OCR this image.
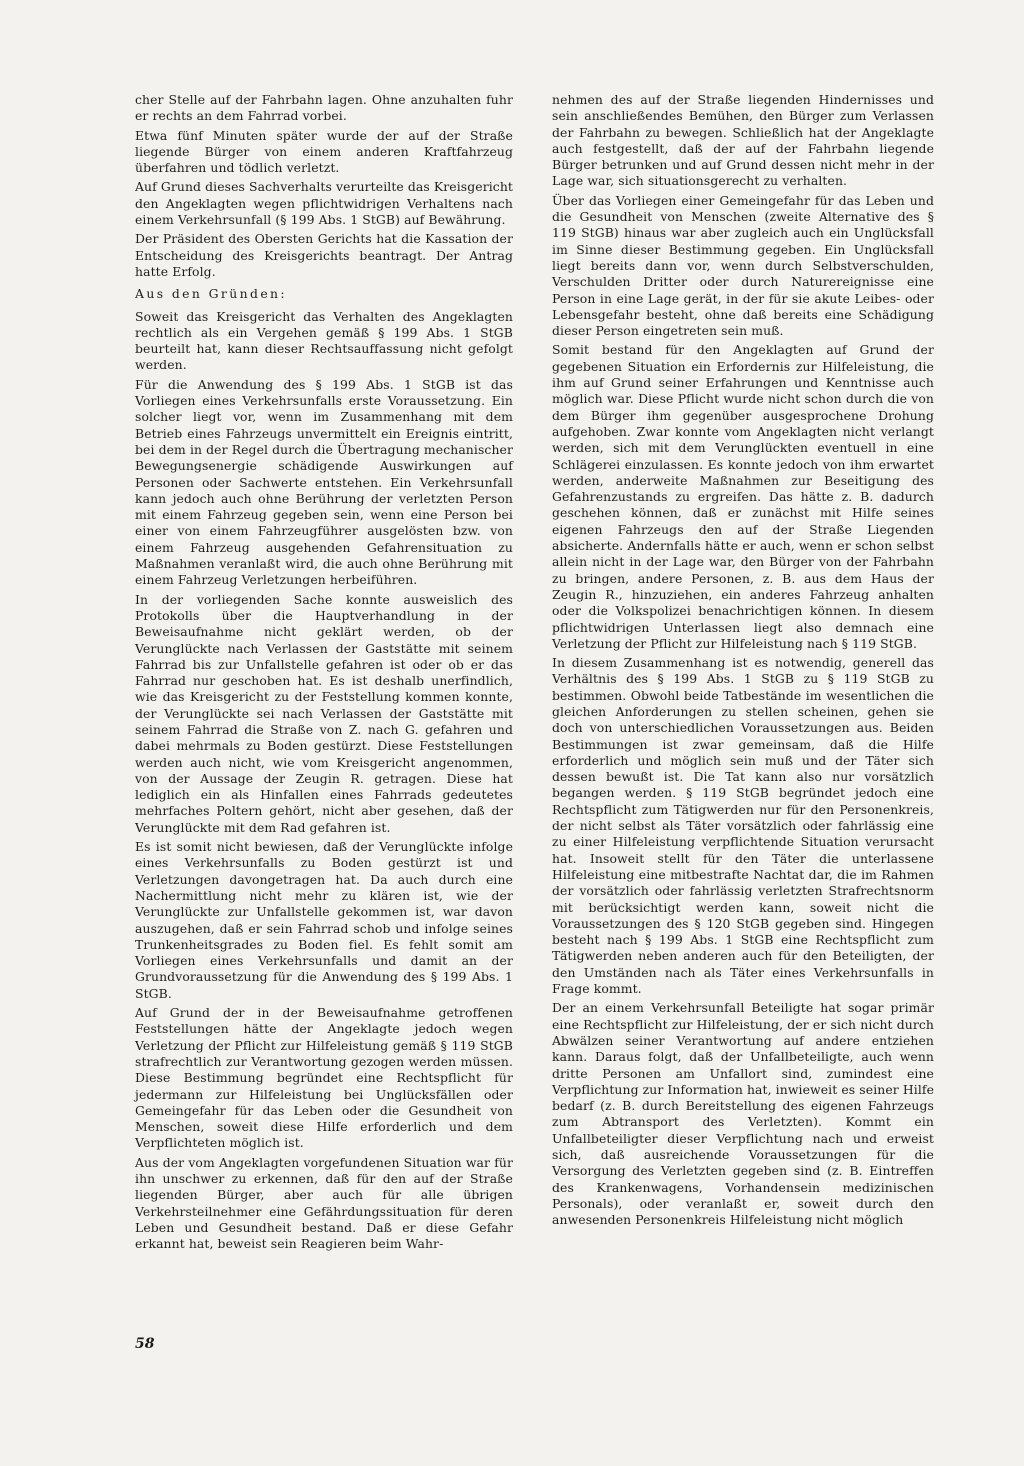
cher Stelle auf der Fahrbahn lagen. Ohne anzuhalten fuhr er rechts an dem Fahrrad vorbei.

Etwa fünf Minuten später wurde der auf der Straße liegende Bürger von einem anderen Kraftfahrzeug überfahren und tödlich verletzt.

Auf Grund dieses Sachverhalts verurteilte das Kreisgericht den Angeklagten wegen pflichtwidrigen Verhaltens nach einem Verkehrsunfall (§ 199 Abs. 1 StGB) auf Bewährung.

Der Präsident des Obersten Gerichts hat die Kassation der Entscheidung des Kreisgerichts beantragt. Der Antrag hatte Erfolg.

Aus den Gründen:

Soweit das Kreisgericht das Verhalten des Angeklagten rechtlich als ein Vergehen gemäß § 199 Abs. 1 StGB beurteilt hat, kann dieser Rechtsauffassung nicht gefolgt werden.

Für die Anwendung des § 199 Abs. 1 StGB ist das Vorliegen eines Verkehrsunfalls erste Voraussetzung. Ein solcher liegt vor, wenn im Zusammenhang mit dem Betrieb eines Fahrzeugs unvermittelt ein Ereignis eintritt, bei dem in der Regel durch die Übertragung mechanischer Bewegungsenergie schädigende Auswirkungen auf Personen oder Sachwerte entstehen. Ein Verkehrsunfall kann jedoch auch ohne Berührung der verletzten Person mit einem Fahrzeug gegeben sein, wenn eine Person bei einer von einem Fahrzeugführer ausgelösten bzw. von einem Fahrzeug ausgehenden Gefahrensituation zu Maßnahmen veranlaßt wird, die auch ohne Berührung mit einem Fahrzeug Verletzungen herbeiführen.

In der vorliegenden Sache konnte ausweislich des Protokolls über die Hauptverhandlung in der Beweisaufnahme nicht geklärt werden, ob der Verunglückte nach Verlassen der Gaststätte mit seinem Fahrrad bis zur Unfallstelle gefahren ist oder ob er das Fahrrad nur geschoben hat. Es ist deshalb unerfindlich, wie das Kreisgericht zu der Feststellung kommen konnte, der Verunglückte sei nach Verlassen der Gaststätte mit seinem Fahrrad die Straße von Z. nach G. gefahren und dabei mehrmals zu Boden gestürzt. Diese Feststellungen werden auch nicht, wie vom Kreisgericht angenommen, von der Aussage der Zeugin R. getragen. Diese hat lediglich ein als Hinfallen eines Fahrrads gedeutetes mehrfaches Poltern gehört, nicht aber gesehen, daß der Verunglückte mit dem Rad gefahren ist.

Es ist somit nicht bewiesen, daß der Verunglückte infolge eines Verkehrsunfalls zu Boden gestürzt ist und Verletzungen davongetragen hat. Da auch durch eine Nachermittlung nicht mehr zu klären ist, wie der Verunglückte zur Unfallstelle gekommen ist, war davon auszugehen, daß er sein Fahrrad schob und infolge seines Trunkenheitsgrades zu Boden fiel. Es fehlt somit am Vorliegen eines Verkehrsunfalls und damit an der Grundvoraussetzung für die Anwendung des § 199 Abs. 1 StGB.

Auf Grund der in der Beweisaufnahme getroffenen Feststellungen hätte der Angeklagte jedoch wegen Verletzung der Pflicht zur Hilfeleistung gemäß § 119 StGB strafrechtlich zur Verantwortung gezogen werden müssen. Diese Bestimmung begründet eine Rechtspflicht für jedermann zur Hilfeleistung bei Unglücksfällen oder Gemeingefahr für das Leben oder die Gesundheit von Menschen, soweit diese Hilfe erforderlich und dem Verpflichteten möglich ist.

Aus der vom Angeklagten vorgefundenen Situation war für ihn unschwer zu erkennen, daß für den auf der Straße liegenden Bürger, aber auch für alle übrigen Verkehrsteilnehmer eine Gefährdungssituation für deren Leben und Gesundheit bestand. Daß er diese Gefahr erkannt hat, beweist sein Reagieren beim Wahr-

nehmen des auf der Straße liegenden Hindernisses und sein anschließendes Bemühen, den Bürger zum Verlassen der Fahrbahn zu bewegen. Schließlich hat der Angeklagte auch festgestellt, daß der auf der Fahrbahn liegende Bürger betrunken und auf Grund dessen nicht mehr in der Lage war, sich situationsgerecht zu verhalten.

Über das Vorliegen einer Gemeingefahr für das Leben und die Gesundheit von Menschen (zweite Alternative des § 119 StGB) hinaus war aber zugleich auch ein Unglücksfall im Sinne dieser Bestimmung gegeben. Ein Unglücksfall liegt bereits dann vor, wenn durch Selbstverschulden, Verschulden Dritter oder durch Naturereignisse eine Person in eine Lage gerät, in der für sie akute Leibes- oder Lebensgefahr besteht, ohne daß bereits eine Schädigung dieser Person eingetreten sein muß.

Somit bestand für den Angeklagten auf Grund der gegebenen Situation ein Erfordernis zur Hilfeleistung, die ihm auf Grund seiner Erfahrungen und Kenntnisse auch möglich war. Diese Pflicht wurde nicht schon durch die von dem Bürger ihm gegenüber ausgesprochene Drohung aufgehoben. Zwar konnte vom Angeklagten nicht verlangt werden, sich mit dem Verunglückten eventuell in eine Schlägerei einzulassen. Es konnte jedoch von ihm erwartet werden, anderweite Maßnahmen zur Beseitigung des Gefahrenzustands zu ergreifen. Das hätte z. B. dadurch geschehen können, daß er zunächst mit Hilfe seines eigenen Fahrzeugs den auf der Straße Liegenden absicherte. Andernfalls hätte er auch, wenn er schon selbst allein nicht in der Lage war, den Bürger von der Fahrbahn zu bringen, andere Personen, z. B. aus dem Haus der Zeugin R., hinzuziehen, ein anderes Fahrzeug anhalten oder die Volkspolizei benachrichtigen können. In diesem pflichtwidrigen Unterlassen liegt also demnach eine Verletzung der Pflicht zur Hilfeleistung nach § 119 StGB.

In diesem Zusammenhang ist es notwendig, generell das Verhältnis des § 199 Abs. 1 StGB zu § 119 StGB zu bestimmen. Obwohl beide Tatbestände im wesentlichen die gleichen Anforderungen zu stellen scheinen, gehen sie doch von unterschiedlichen Voraussetzungen aus. Beiden Bestimmungen ist zwar gemeinsam, daß die Hilfe erforderlich und möglich sein muß und der Täter sich dessen bewußt ist. Die Tat kann also nur vorsätzlich begangen werden. § 119 StGB begründet jedoch eine Rechtspflicht zum Tätigwerden nur für den Personenkreis, der nicht selbst als Täter vorsätzlich oder fahrlässig eine zu einer Hilfeleistung verpflichtende Situation verursacht hat. Insoweit stellt für den Täter die unterlassene Hilfeleistung eine mitbestrafte Nachtat dar, die im Rahmen der vorsätzlich oder fahrlässig verletzten Strafrechtsnorm mit berücksichtigt werden kann, soweit nicht die Voraussetzungen des § 120 StGB gegeben sind. Hingegen besteht nach § 199 Abs. 1 StGB eine Rechtspflicht zum Tätigwerden neben anderen auch für den Beteiligten, der den Umständen nach als Täter eines Verkehrsunfalls in Frage kommt.

Der an einem Verkehrsunfall Beteiligte hat sogar primär eine Rechtspflicht zur Hilfeleistung, der er sich nicht durch Abwälzen seiner Verantwortung auf andere entziehen kann. Daraus folgt, daß der Unfallbeteiligte, auch wenn dritte Personen am Unfallort sind, zumindest eine Verpflichtung zur Information hat, inwieweit es seiner Hilfe bedarf (z. B. durch Bereitstellung des eigenen Fahrzeugs zum Abtransport des Verletzten). Kommt ein Unfallbeteiligter dieser Verpflichtung nach und erweist sich, daß ausreichende Voraussetzungen für die Versorgung des Verletzten gegeben sind (z. B. Eintreffen des Krankenwagens, Vorhandensein medizinischen Personals), oder veranlaßt er, soweit durch den anwesenden Personenkreis Hilfeleistung nicht möglich

58
